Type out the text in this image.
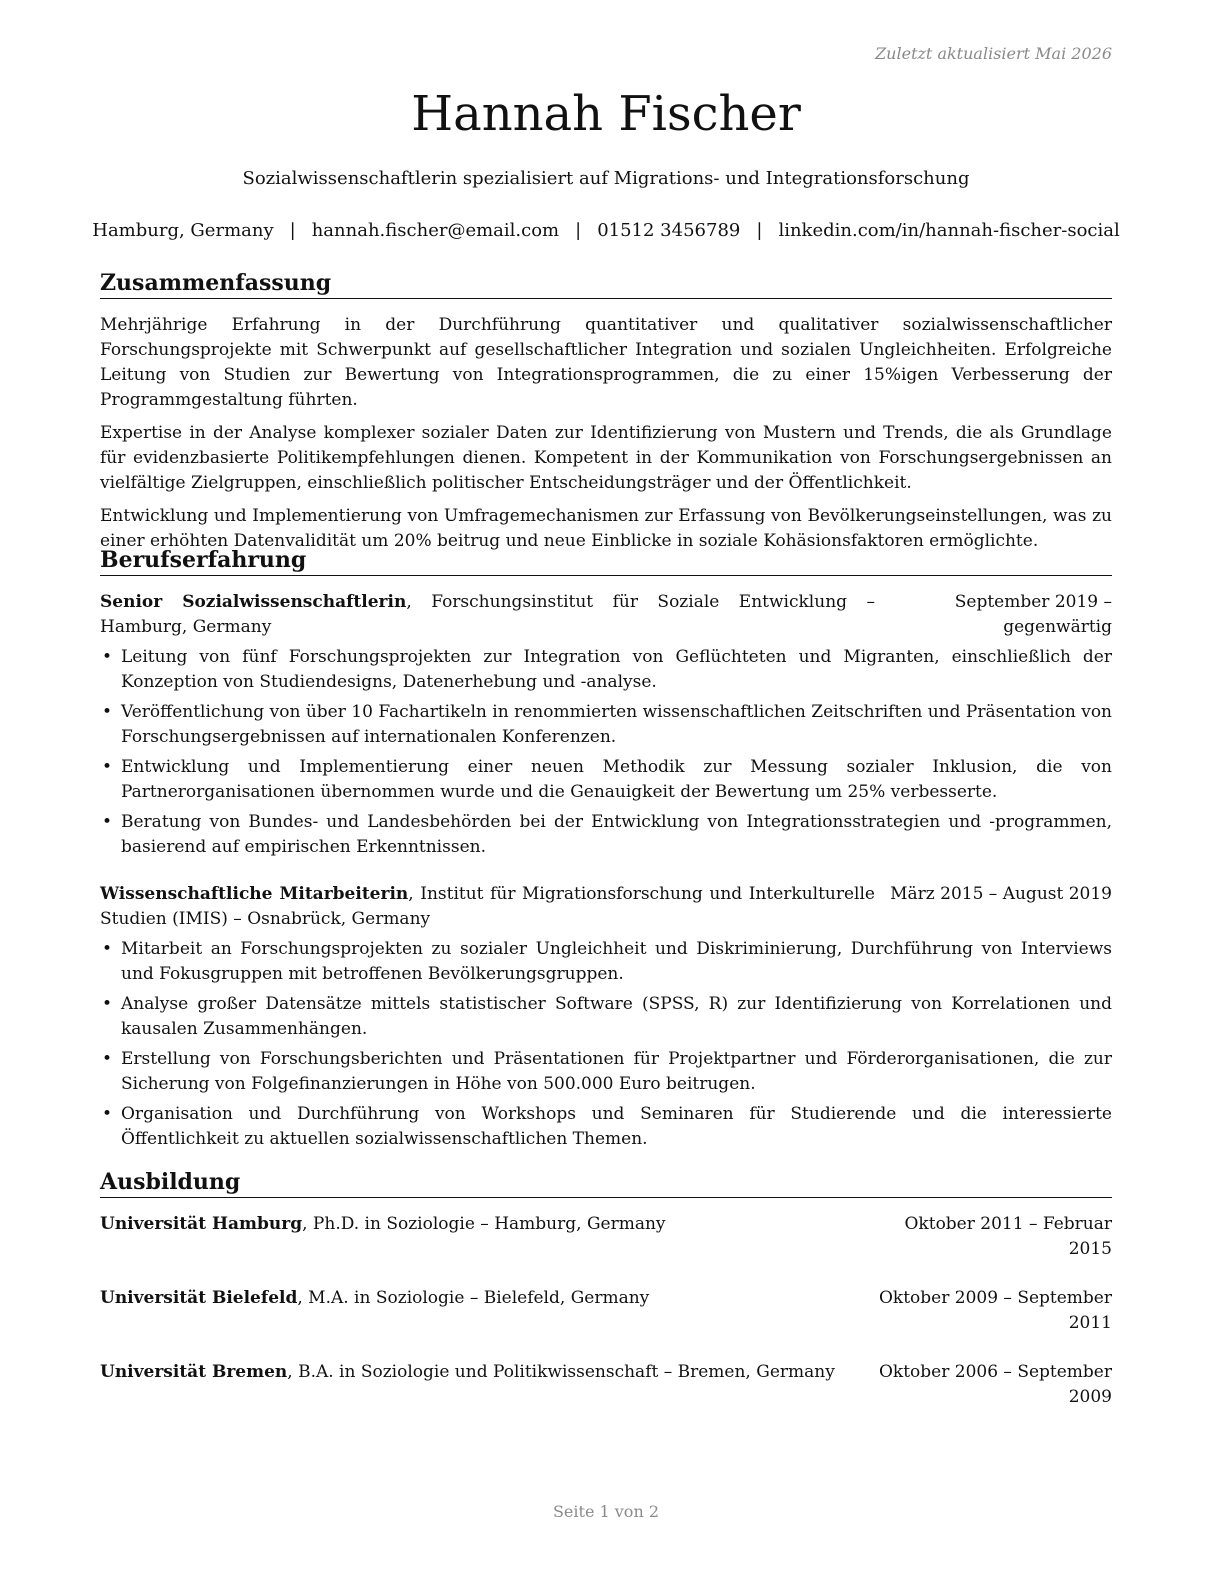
Zuletzt aktualisiert Mai 2026
Hannah Fischer
Sozialwissenschaftlerin spezialisiert auf Migrations- und Integrationsforschung
Hamburg, Germany | hannah.fischer@email.com | 01512 3456789 | linkedin.com/in/hannah-fischer-social
Zusammenfassung

Mehrjährige Erfahrung in der Durchführung quantitativer und qualitativer sozialwissenschaftlicher Forschungsprojekte mit Schwerpunkt auf gesellschaftlicher Integration und sozialen Ungleichheiten. Erfolgreiche Leitung von Studien zur Bewertung von Integrationsprogrammen, die zu einer 15%igen Verbesserung der Programmgestaltung führten.

Expertise in der Analyse komplexer sozialer Daten zur Identifizierung von Mustern und Trends, die als Grundlage für evidenzbasierte Politikempfehlungen dienen. Kompetent in der Kommunikation von Forschungsergebnissen an vielfältige Zielgruppen, einschließlich politischer Entscheidungsträger und der Öffentlichkeit.

Entwicklung und Implementierung von Umfragemechanismen zur Erfassung von Bevölkerungseinstellungen, was zu einer erhöhten Datenvalidität um 20% beitrug und neue Einblicke in soziale Kohäsionsfaktoren ermöglichte.

Berufserfahrung
Senior Sozialwissenschaftlerin, Forschungsinstitut für Soziale Entwicklung – Hamburg, Germany
September 2019 – gegenwärtig
• Leitung von fünf Forschungsprojekten zur Integration von Geflüchteten und Migranten, einschließlich der Konzeption von Studiendesigns, Datenerhebung und -analyse.
• Veröffentlichung von über 10 Fachartikeln in renommierten wissenschaftlichen Zeitschriften und Präsentation von Forschungsergebnissen auf internationalen Konferenzen.
• Entwicklung und Implementierung einer neuen Methodik zur Messung sozialer Inklusion, die von Partnerorganisationen übernommen wurde und die Genauigkeit der Bewertung um 25% verbesserte.
• Beratung von Bundes- und Landesbehörden bei der Entwicklung von Integrationsstrategien und -programmen, basierend auf empirischen Erkenntnissen.
Wissenschaftliche Mitarbeiterin, Institut für Migrationsforschung und Interkulturelle Studien (IMIS) – Osnabrück, Germany
März 2015 – August 2019
• Mitarbeit an Forschungsprojekten zu sozialer Ungleichheit und Diskriminierung, Durchführung von Interviews und Fokusgruppen mit betroffenen Bevölkerungsgruppen.
• Analyse großer Datensätze mittels statistischer Software (SPSS, R) zur Identifizierung von Korrelationen und kausalen Zusammenhängen.
• Erstellung von Forschungsberichten und Präsentationen für Projektpartner und Förderorganisationen, die zur Sicherung von Folgefinanzierungen in Höhe von 500.000 Euro beitrugen.
• Organisation und Durchführung von Workshops und Seminaren für Studierende und die interessierte Öffentlichkeit zu aktuellen sozialwissenschaftlichen Themen.
Ausbildung
Universität Hamburg, Ph.D. in Soziologie – Hamburg, Germany	Oktober 2011 – Februar 2015
Universität Bielefeld, M.A. in Soziologie – Bielefeld, Germany	Oktober 2009 – September 2011
Universität Bremen, B.A. in Soziologie und Politikwissenschaft – Bremen, Germany	Oktober 2006 – September 2009
Seite 1 von 2
